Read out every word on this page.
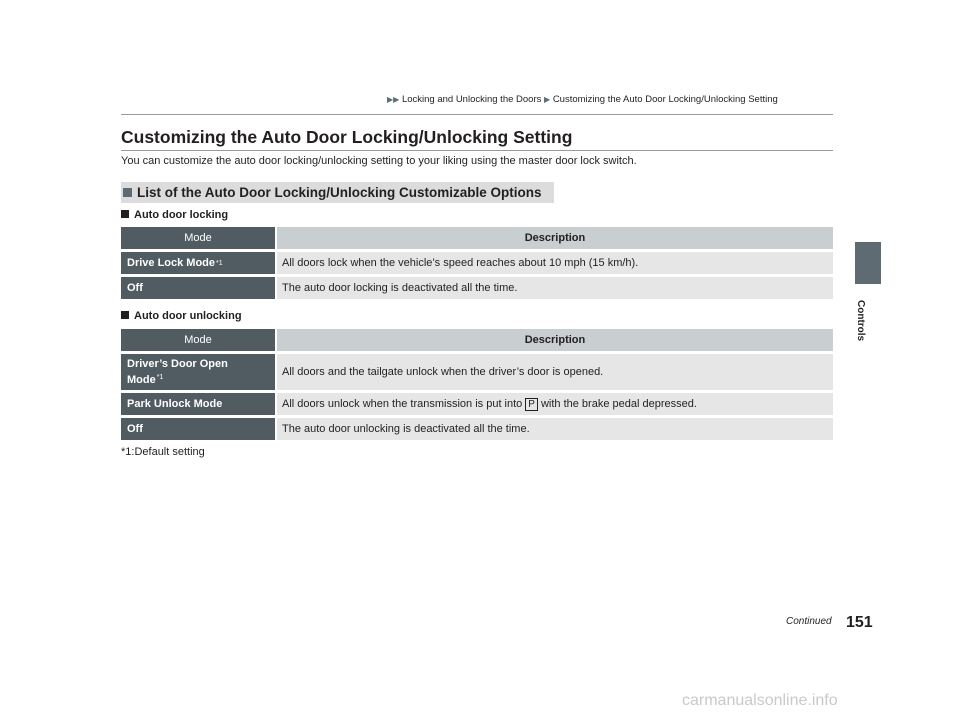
▶▶ Locking and Unlocking the Doors ▶ Customizing the Auto Door Locking/Unlocking Setting
Customizing the Auto Door Locking/Unlocking Setting
You can customize the auto door locking/unlocking setting to your liking using the master door lock switch.
List of the Auto Door Locking/Unlocking Customizable Options
Auto door locking
Mode	Description
Drive Lock Mode *1	All doors lock when the vehicle’s speed reaches about 10 mph (15 km/h).
Off	The auto door locking is deactivated all the time.
Auto door unlocking
Mode	Description
Driver’s Door Open
Mode$^{*1}$	All doors and the tailgate unlock when the driver’s door is opened.
Park Unlock Mode	All doors unlock when the transmission is put into P with the brake pedal depressed.
Off	The auto door unlocking is deactivated all the time.
*1:Default setting
Controls
Continued 151
carmanualsonline.info
